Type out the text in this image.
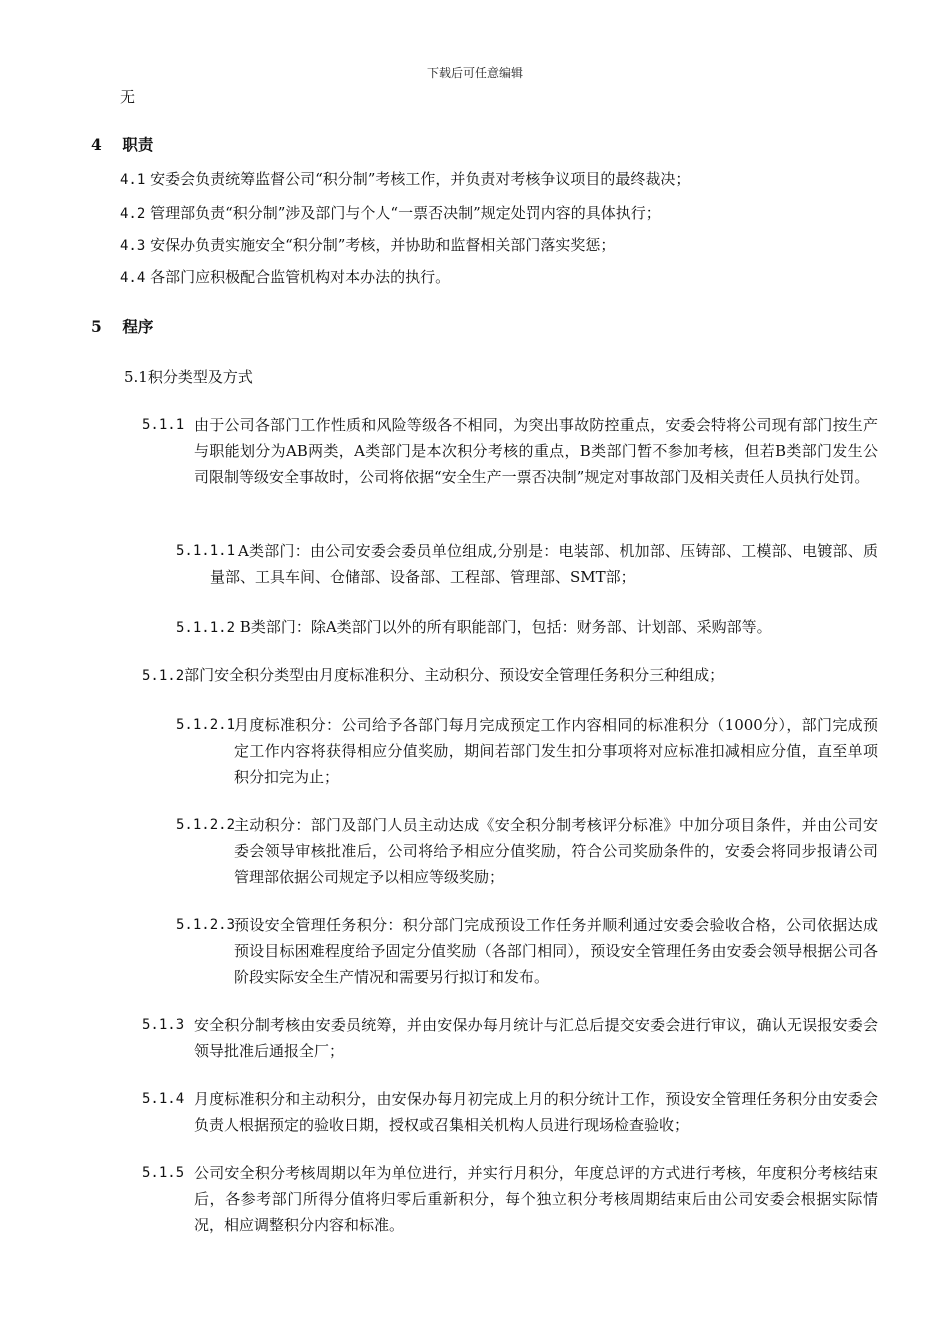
下载后可任意编辑
无
4 职责
4.1 安委会负责统筹监督公司“积分制”考核工作，并负责对考核争议项目的最终裁决；
4.2 管理部负责“积分制”涉及部门与个人“一票否决制”规定处罚内容的具体执行；
4.3 安保办负责实施安全“积分制”考核，并协助和监督相关部门落实奖惩；
4.4 各部门应积极配合监管机构对本办法的执行。
5 程序
5.1积分类型及方式
5.1.1 由于公司各部门工作性质和风险等级各不相同，为突出事故防控重点，安委会特将公司现有部门按生产与职能划分为AB两类，A类部门是本次积分考核的重点，B类部门暂不参加考核，但若B类部门发生公司限制等级安全事故时，公司将依据“安全生产一票否决制”规定对事故部门及相关责任人员执行处罚。
5.1.1.1 A类部门：由公司安委会委员单位组成,分别是：电装部、机加部、压铸部、工模部、电镀部、质量部、工具车间、仓储部、设备部、工程部、管理部、SMT部；
5.1.1.2 B类部门：除A类部门以外的所有职能部门，包括：财务部、计划部、采购部等。
5.1.2部门安全积分类型由月度标准积分、主动积分、预设安全管理任务积分三种组成；
5.1.2.1
月度标准积分：公司给予各部门每月完成预定工作内容相同的标准积分（1000分），部门完成预定工作内容将获得相应分值奖励，期间若部门发生扣分事项将对应标准扣减相应分值，直至单项积分扣完为止；
5.1.2.2
主动积分：部门及部门人员主动达成《安全积分制考核评分标准》中加分项目条件，并由公司安委会领导审核批准后，公司将给予相应分值奖励，符合公司奖励条件的，安委会将同步报请公司管理部依据公司规定予以相应等级奖励；
5.1.2.3
预设安全管理任务积分：积分部门完成预设工作任务并顺利通过安委会验收合格，公司依据达成预设目标困难程度给予固定分值奖励（各部门相同），预设安全管理任务由安委会领导根据公司各阶段实际安全生产情况和需要另行拟订和发布。
5.1.3 安全积分制考核由安委员统筹，并由安保办每月统计与汇总后提交安委会进行审议，确认无误报安委会领导批准后通报全厂；
5.1.4 月度标准积分和主动积分，由安保办每月初完成上月的积分统计工作，预设安全管理任务积分由安委会负责人根据预定的验收日期，授权或召集相关机构人员进行现场检查验收；
5.1.5 公司安全积分考核周期以年为单位进行，并实行月积分，年度总评的方式进行考核，年度积分考核结束后，各参考部门所得分值将归零后重新积分，每个独立积分考核周期结束后由公司安委会根据实际情况，相应调整积分内容和标准。
